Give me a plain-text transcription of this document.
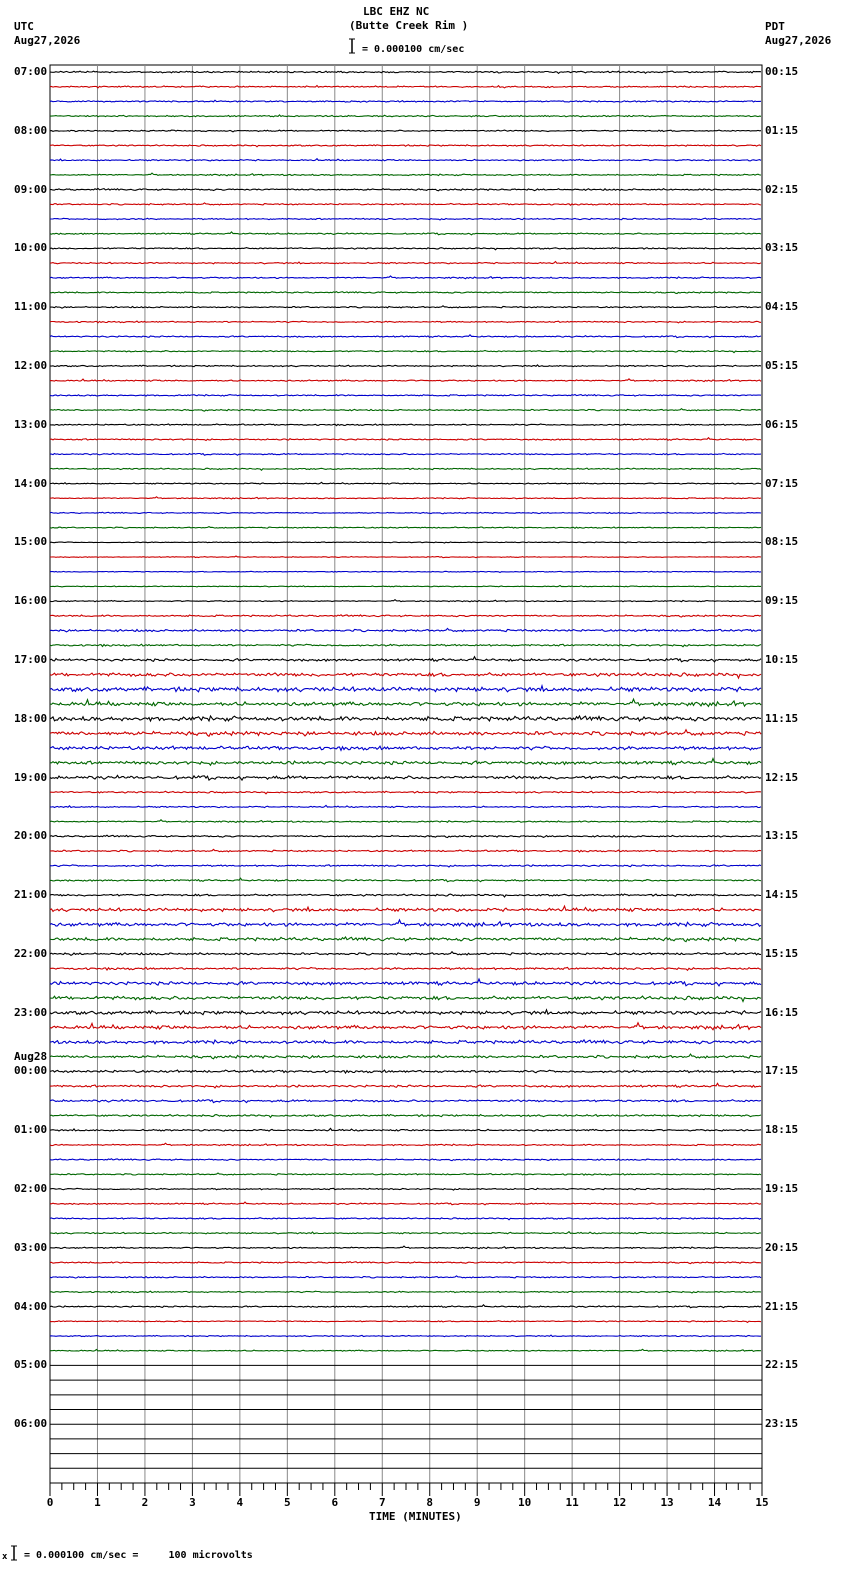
UTC
Aug27,2026
LBC EHZ NC
(Butte Creek Rim )
= 0.000100 cm/sec
PDT
Aug27,2026
0	1	2	3	4	5	6	7	8	9	10	11	12	13	14	15
07:00
08:00
09:00
10:00
11:00
12:00
13:00
14:00
15:00
16:00
17:00
18:00
19:00
20:00
21:00
22:00
23:00
Aug28
00:00
01:00
02:00
03:00
04:00
05:00
06:00
00:15
01:15
02:15
03:15
04:15
05:15
06:15
07:15
08:15
09:15
10:15
11:15
12:15
13:15
14:15
15:15
16:15
17:15
18:15
19:15
20:15
21:15
22:15
23:15
TIME (MINUTES)
x = 0.000100 cm/sec =     100 microvolts
